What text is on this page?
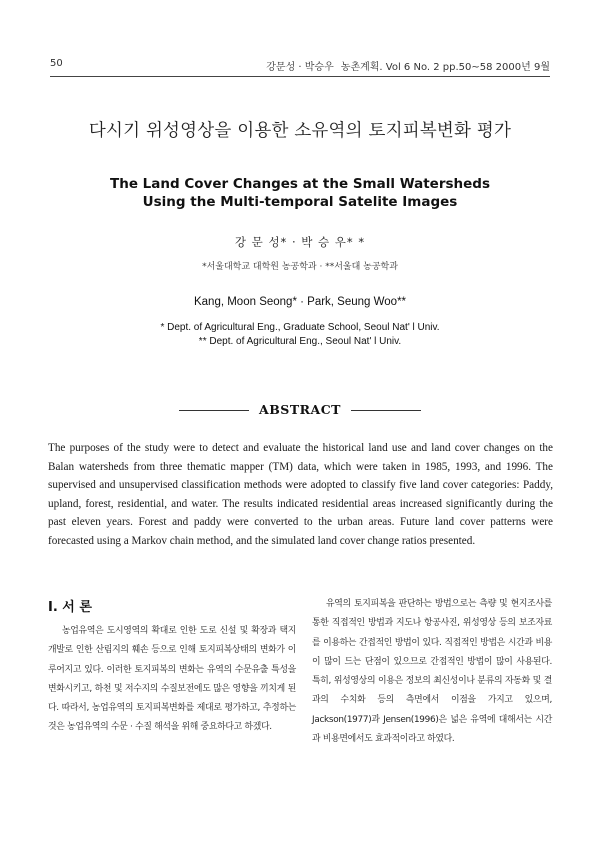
50	강문성 · 박승우 농촌계획. Vol 6 No. 2 pp.50~58 2000년 9월
다시기 위성영상을 이용한 소유역의 토지피복변화 평가
The Land Cover Changes at the Small Watersheds
Using the Multi-temporal Satelite Images
강 문 성* · 박 승 우* *
*서울대학교 대학원 농공학과 · **서울대 농공학과
Kang, Moon Seong* · Park, Seung Woo**
* Dept. of Agricultural Eng., Graduate School, Seoul Nat' l Univ.
** Dept. of Agricultural Eng., Seoul Nat' l Univ.
ABSTRACT
The purposes of the study were to detect and evaluate the historical land use and land cover changes on the Balan watersheds from three thematic mapper (TM) data, which were taken in 1985, 1993, and 1996. The supervised and unsupervised classification methods were adopted to classify five land cover categories: Paddy, upland, forest, residential, and water. The results indicated residential areas increased significantly during the past eleven years. Forest and paddy were converted to the urban areas. Future land cover patterns were forecasted using a Markov chain method, and the simulated land cover change ratios presented.
Ⅰ. 서 론

농업유역은 도시영역의 확대로 인한 도로 신설 및 확장과 택지개발로 인한 산림지의 훼손 등으로 인해 토지피복상태의 변화가 이루어지고 있다. 이러한 토지피복의 변화는 유역의 수문유출 특성을 변화시키고, 하천 및 저수지의 수질보전에도 많은 영향을 끼치게 된다. 따라서, 농업유역의 토지피복변화를 제대로 평가하고, 추정하는 것은 농업유역의 수문 · 수질 해석을 위해 중요하다고 하겠다.

유역의 토지피복을 판단하는 방법으로는 측량 및 현지조사를 통한 직접적인 방법과 지도나 항공사진, 위성영상 등의 보조자료를 이용하는 간접적인 방법이 있다. 직접적인 방법은 시간과 비용이 많이 드는 단점이 있으므로 간접적인 방법이 많이 사용된다. 특히, 위성영상의 이용은 정보의 최신성이나 분류의 자동화 및 결과의 수치화 등의 측면에서 이점을 가지고 있으며, Jackson(1977)과 Jensen(1996)은 넓은 유역에 대해서는 시간과 비용면에서도 효과적이라고 하였다.
